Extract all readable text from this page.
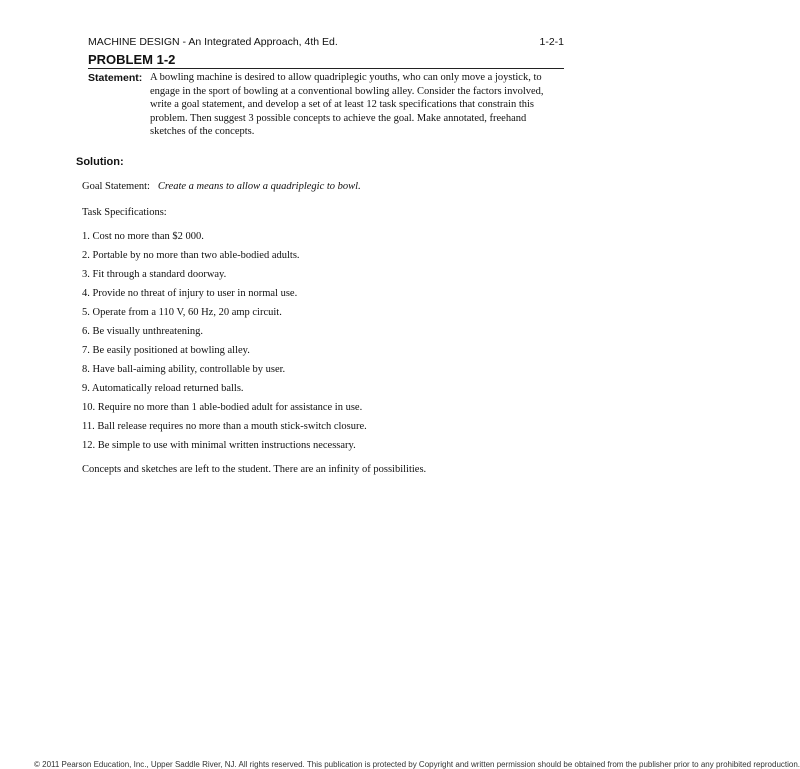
MACHINE DESIGN - An Integrated Approach, 4th Ed.	1-2-1
PROBLEM 1-2
Statement: A bowling machine is desired to allow quadriplegic youths, who can only move a joystick, to engage in the sport of bowling at a conventional bowling alley. Consider the factors involved, write a goal statement, and develop a set of at least 12 task specifications that constrain this problem. Then suggest 3 possible concepts to achieve the goal. Make annotated, freehand sketches of the concepts.
Solution:
Goal Statement: Create a means to allow a quadriplegic to bowl.
Task Specifications:
1. Cost no more than $2 000.
2. Portable by no more than two able-bodied adults.
3. Fit through a standard doorway.
4. Provide no threat of injury to user in normal use.
5. Operate from a 110 V, 60 Hz, 20 amp circuit.
6. Be visually unthreatening.
7. Be easily positioned at bowling alley.
8. Have ball-aiming ability, controllable by user.
9. Automatically reload returned balls.
10. Require no more than 1 able-bodied adult for assistance in use.
11. Ball release requires no more than a mouth stick-switch closure.
12. Be simple to use with minimal written instructions necessary.
Concepts and sketches are left to the student. There are an infinity of possibilities.
© 2011 Pearson Education, Inc., Upper Saddle River, NJ. All rights reserved. This publication is protected by Copyright and written permission should be obtained from the publisher prior to any prohibited reproduction.
